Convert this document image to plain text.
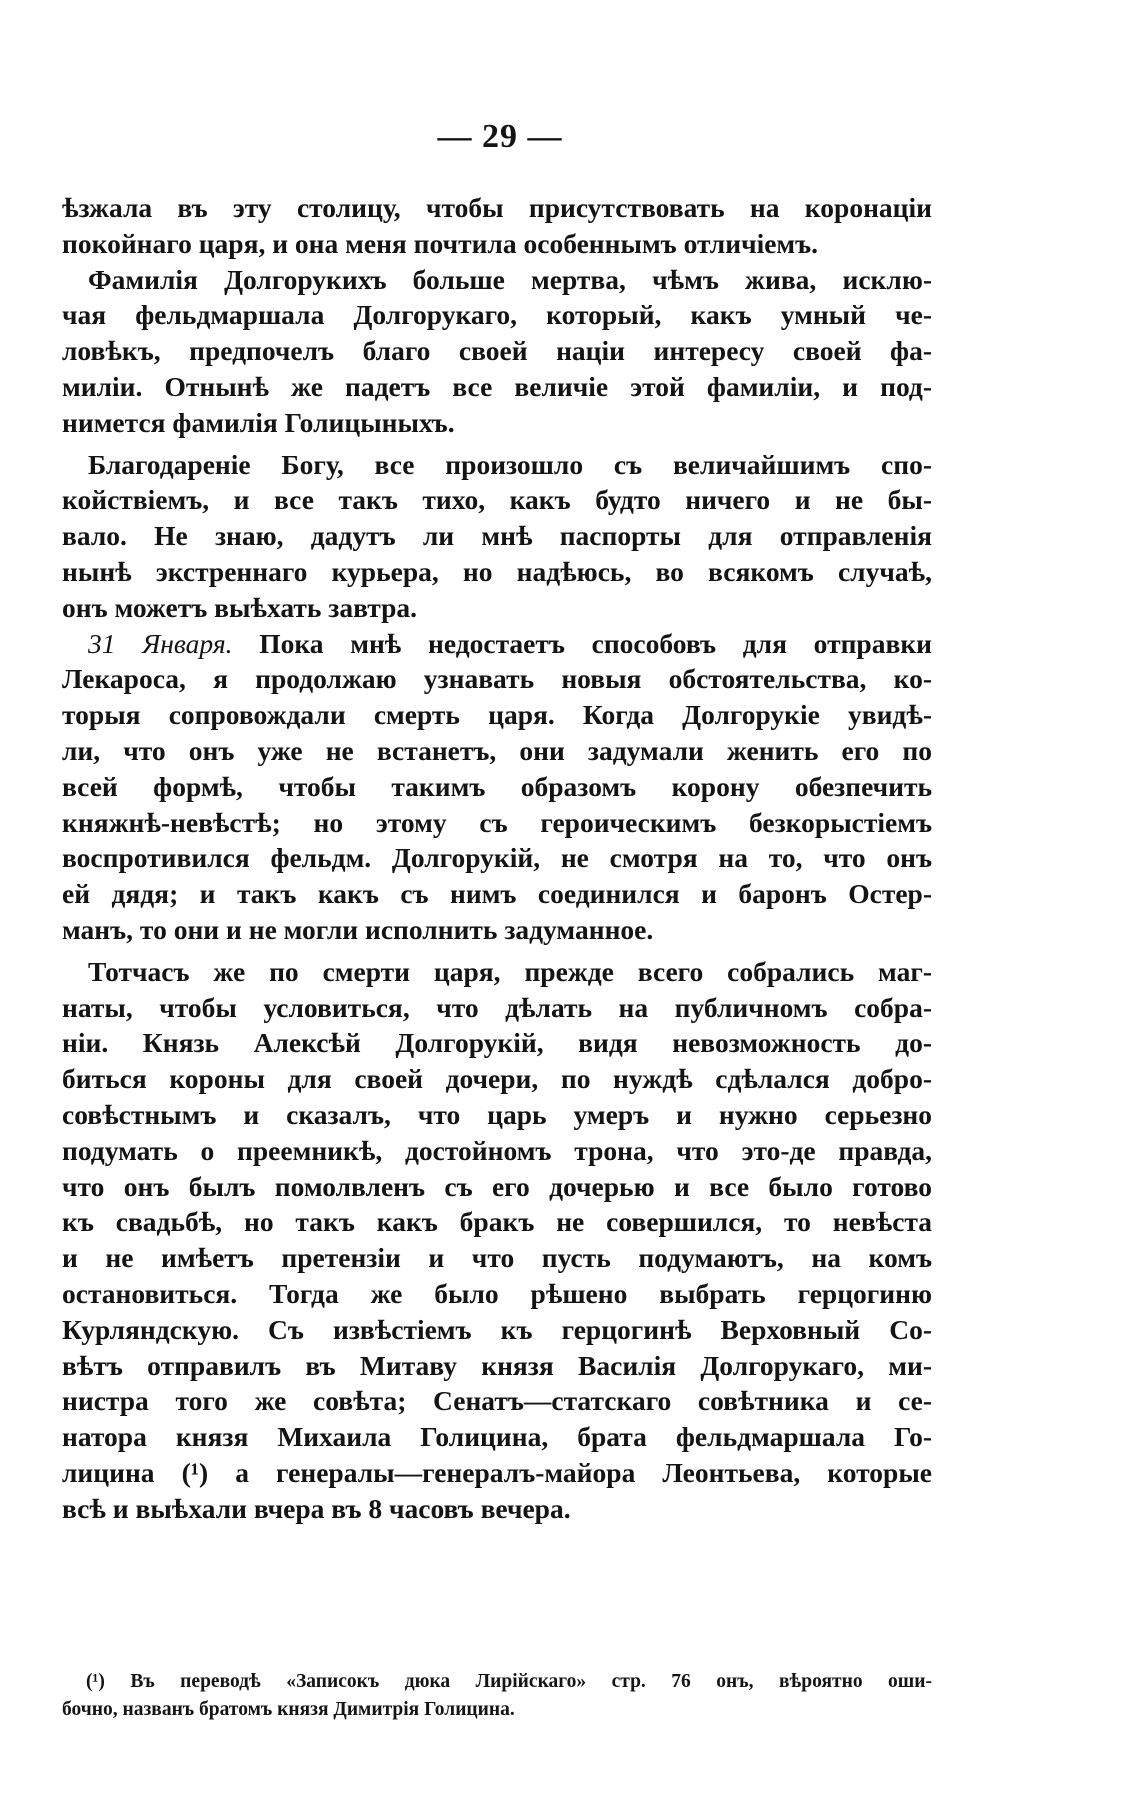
— 29 —
ѣзжала въ эту столицу, чтобы присутствовать на коронаціи
покойнаго царя, и она меня почтила особеннымъ отличіемъ.
Фамилія Долгорукихъ больше мертва, чѣмъ жива, исклю-
чая фельдмаршала Долгорукаго, который, какъ умный че-
ловѣкъ, предпочелъ благо своей націи интересу своей фа-
миліи. Отнынѣ же падетъ все величіе этой фамиліи, и под-
нимется фамилія Голицыныхъ.
Благодареніе Богу, все произошло съ величайшимъ спо-
койствіемъ, и все такъ тихо, какъ будто ничего и не бы-
вало. Не знаю, дадутъ ли мнѣ паспорты для отправленія
нынѣ экстреннаго курьера, но надѣюсь, во всякомъ случаѣ,
онъ можетъ выѣхать завтра.
31 Января. Пока мнѣ недостаетъ способовъ для отправки
Лекароса, я продолжаю узнавать новыя обстоятельства, ко-
торыя сопровождали смерть царя. Когда Долгорукіе увидѣ-
ли, что онъ уже не встанетъ, они задумали женить его по
всей формѣ, чтобы такимъ образомъ корону обезпечить
княжнѣ-невѣстѣ; но этому съ героическимъ безкорыстіемъ
воспротивился фельдм. Долгорукій, не смотря на то, что онъ
ей дядя; и такъ какъ съ нимъ соединился и баронъ Остер-
манъ, то они и не могли исполнить задуманное.
Тотчасъ же по смерти царя, прежде всего собрались маг-
наты, чтобы условиться, что дѣлать на публичномъ собра-
ніи. Князь Алексѣй Долгорукій, видя невозможность до-
биться короны для своей дочери, по нуждѣ сдѣлался добро-
совѣстнымъ и сказалъ, что царь умеръ и нужно серьезно
подумать о преемникѣ, достойномъ трона, что это-де правда,
что онъ былъ помолвленъ съ его дочерью и все было готово
къ свадьбѣ, но такъ какъ бракъ не совершился, то невѣста
и не имѣетъ претензіи и что пусть подумаютъ, на комъ
остановиться. Тогда же было рѣшено выбрать герцогиню
Курляндскую. Съ извѣстіемъ къ герцогинѣ Верховный Со-
вѣтъ отправилъ въ Митаву князя Василія Долгорукаго, ми-
нистра того же совѣта; Сенатъ—статскаго совѣтника и се-
натора князя Михаила Голицина, брата фельдмаршала Го-
лицина (¹) а генералы—генералъ-майора Леонтьева, которые
всѣ и выѣхали вчера въ 8 часовъ вечера.
(¹) Въ переводѣ «Записокъ дюка Лирійскаго» стр. 76 онъ, вѣроятно оши-
бочно, названъ братомъ князя Димитрія Голицина.
